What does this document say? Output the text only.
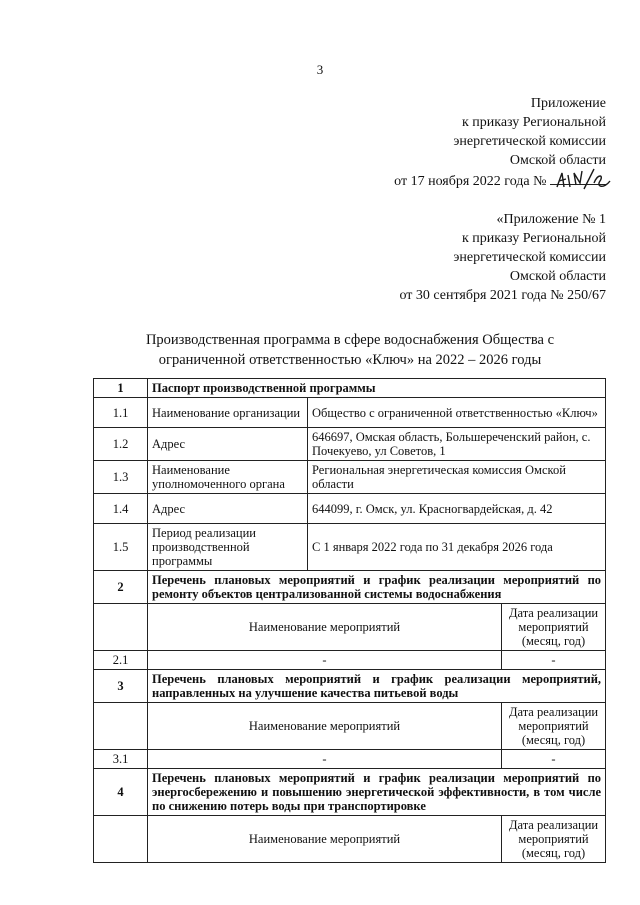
3
Приложение
к приказу Региональной
энергетической комиссии
Омской области
от 17 ноября 2022 года №
«Приложение № 1
к приказу Региональной
энергетической комиссии
Омской области
от 30 сентября 2021 года № 250/67
Производственная программа в сфере водоснабжения Общества с
ограниченной ответственностью «Ключ» на 2022 – 2026 годы
1	Паспорт производственной программы		
1.1	Наименование организации	Общество с ограниченной ответственностью «Ключ»	
1.2	Адрес	646697, Омская область, Большереченский район, с. Почекуево, ул Советов, 1	
1.3	Наименование уполномоченного органа	Региональная энергетическая комиссия Омской области	
1.4	Адрес	644099, г. Омск, ул. Красногвардейская, д. 42	
1.5	Период реализации производственной программы	С 1 января 2022 года по 31 декабря 2026 года	
2	Перечень плановых мероприятий и график реализации мероприятий по ремонту объектов централизованной системы водоснабжения		
	Наименование мероприятий		Дата реализации мероприятий (месяц, год)
2.1	-		-
3	Перечень плановых мероприятий и график реализации мероприятий, направленных на улучшение качества питьевой воды		
	Наименование мероприятий		Дата реализации мероприятий (месяц, год)
3.1	-		-
4	Перечень плановых мероприятий и график реализации мероприятий по энергосбережению и повышению энергетической эффективности, в том числе по снижению потерь воды при транспортировке		
	Наименование мероприятий		Дата реализации мероприятий (месяц, год)
